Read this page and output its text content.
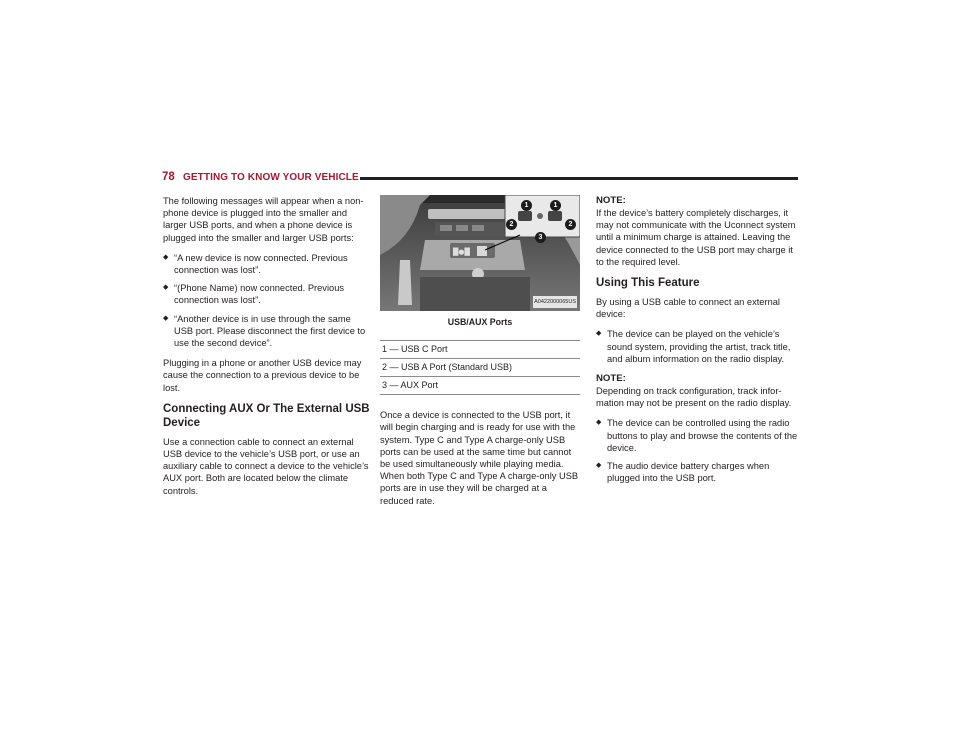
78 GETTING TO KNOW YOUR VEHICLE

The following messages will appear when a non-phone device is plugged into the smaller and larger USB ports, and when a phone device is plugged into the smaller and larger USB ports:

◆ “A new device is now connected. Previous connection was lost”.
◆ “(Phone Name) now connected. Previous connection was lost”.
◆ “Another device is in use through the same USB port. Please disconnect the first device to use the second device”.

Plugging in a phone or another USB device may cause the connection to a previous device to be lost.

Connecting AUX Or The External USB Device

Use a connection cable to connect an external USB device to the vehicle’s USB port, or use an auxiliary cable to connect a device to the vehicle’s AUX port. Both are located below the climate controls.

█●█
1	1
2	2
3
A0422000065US
USB/AUX Ports
1 — USB C Port
2 — USB A Port (Standard USB)
3 — AUX Port

Once a device is connected to the USB port, it will begin charging and is ready for use with the system. Type C and Type A charge-only USB ports can be used at the same time but cannot be used simultaneously while playing media. When both Type C and Type A charge-only USB ports are in use they will be charged at a reduced rate.

NOTE:

If the device’s battery completely discharges, it may not communicate with the Uconnect system until a minimum charge is attained. Leaving the device connected to the USB port may charge it to the required level.

Using This Feature

By using a USB cable to connect an external device:

◆ The device can be played on the vehicle’s sound system, providing the artist, track title, and album information on the radio display.
NOTE:

Depending on track configuration, track infor-mation may not be present on the radio display.

◆ The device can be controlled using the radio buttons to play and browse the contents of the device.
◆ The audio device battery charges when plugged into the USB port.
